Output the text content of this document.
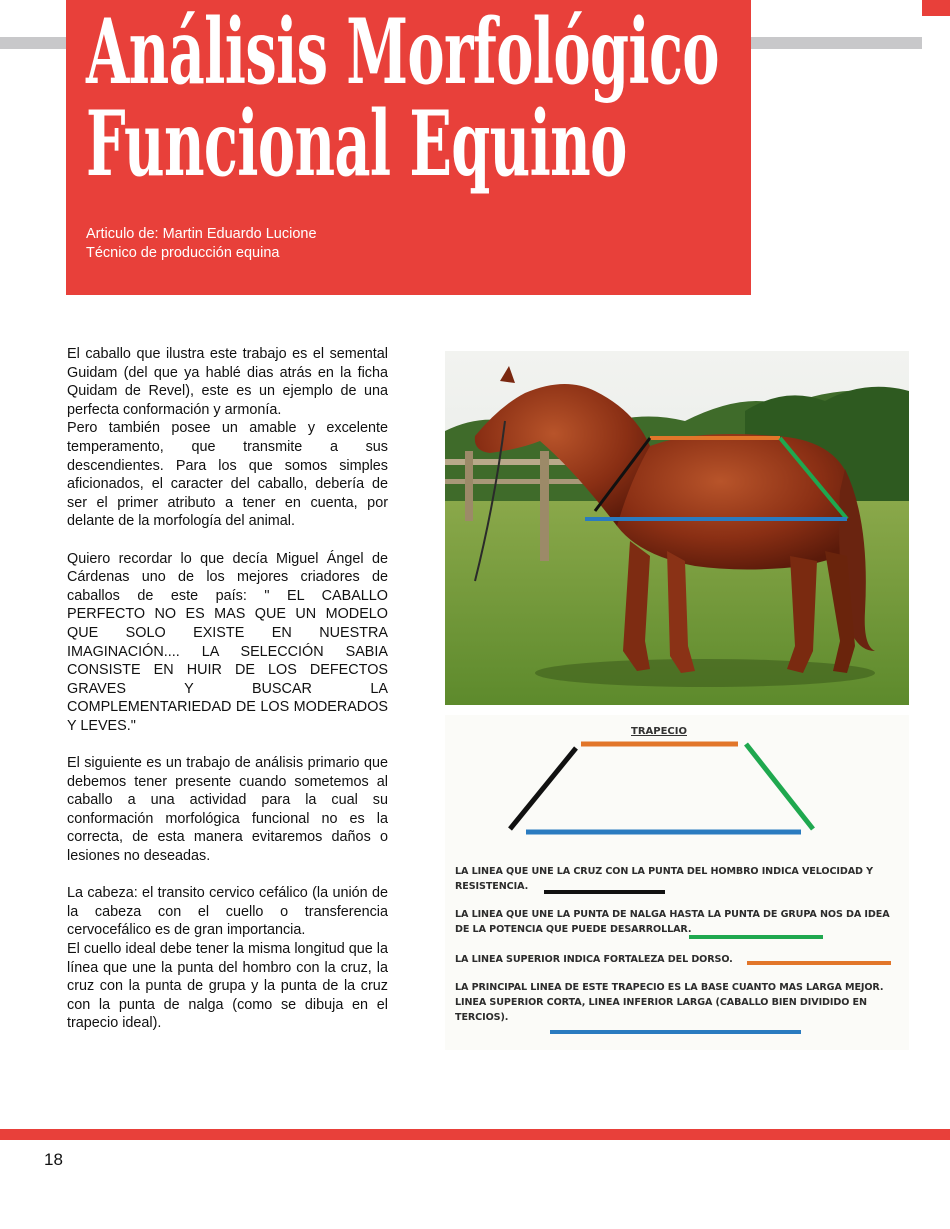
Análisis Morfológico
Funcional Equino
Articulo de: Martin Eduardo Lucione
Técnico de producción equina

El caballo que ilustra este trabajo es el semental Guidam (del que ya hablé dias atrás en la ficha Quidam de Revel), este es un ejemplo de una perfecta conformación y armonía.

Pero también posee un amable y excelente temperamento, que transmite a sus descendientes. Para los que somos simples aficionados, el caracter del caballo, debería de ser el primer atributo a tener en cuenta, por delante de la morfología del animal.

Quiero recordar lo que decía Miguel Ángel de Cárdenas uno de los mejores criadores de caballos de este país: " EL CABALLO PERFECTO NO ES MAS QUE UN MODELO QUE SOLO EXISTE EN NUESTRA IMAGINACIÓN.... LA SELECCIÓN SABIA CONSISTE EN HUIR DE LOS DEFECTOS GRAVES Y BUSCAR LA COMPLEMENTARIEDAD DE LOS MODERADOS Y LEVES."

El siguiente es un trabajo de análisis primario que debemos tener presente cuando sometemos al caballo a una actividad para la cual su conformación morfológica funcional no es la correcta, de esta manera evitaremos daños o lesiones no deseadas.

La cabeza: el transito cervico cefálico (la unión de la cabeza con el cuello o transferencia cervocefálico es de gran importancia.

El cuello ideal debe tener la misma longitud que la línea que une la punta del hombro con la cruz, la cruz con la punta de grupa y la punta de la cruz con la punta de nalga (como se dibuja en el trapecio ideal).

TRAPECIO
LA LINEA QUE UNE LA CRUZ CON LA PUNTA DEL HOMBRO INDICA VELOCIDAD Y RESISTENCIA.
LA LINEA QUE UNE LA PUNTA DE NALGA HASTA LA PUNTA DE GRUPA NOS DA IDEA DE LA POTENCIA QUE PUEDE DESARROLLAR.
LA LINEA SUPERIOR INDICA FORTALEZA DEL DORSO.
LA PRINCIPAL LINEA DE ESTE TRAPECIO ES LA BASE CUANTO MAS LARGA MEJOR. LINEA SUPERIOR CORTA, LINEA INFERIOR LARGA (CABALLO BIEN DIVIDIDO EN TERCIOS).
18
